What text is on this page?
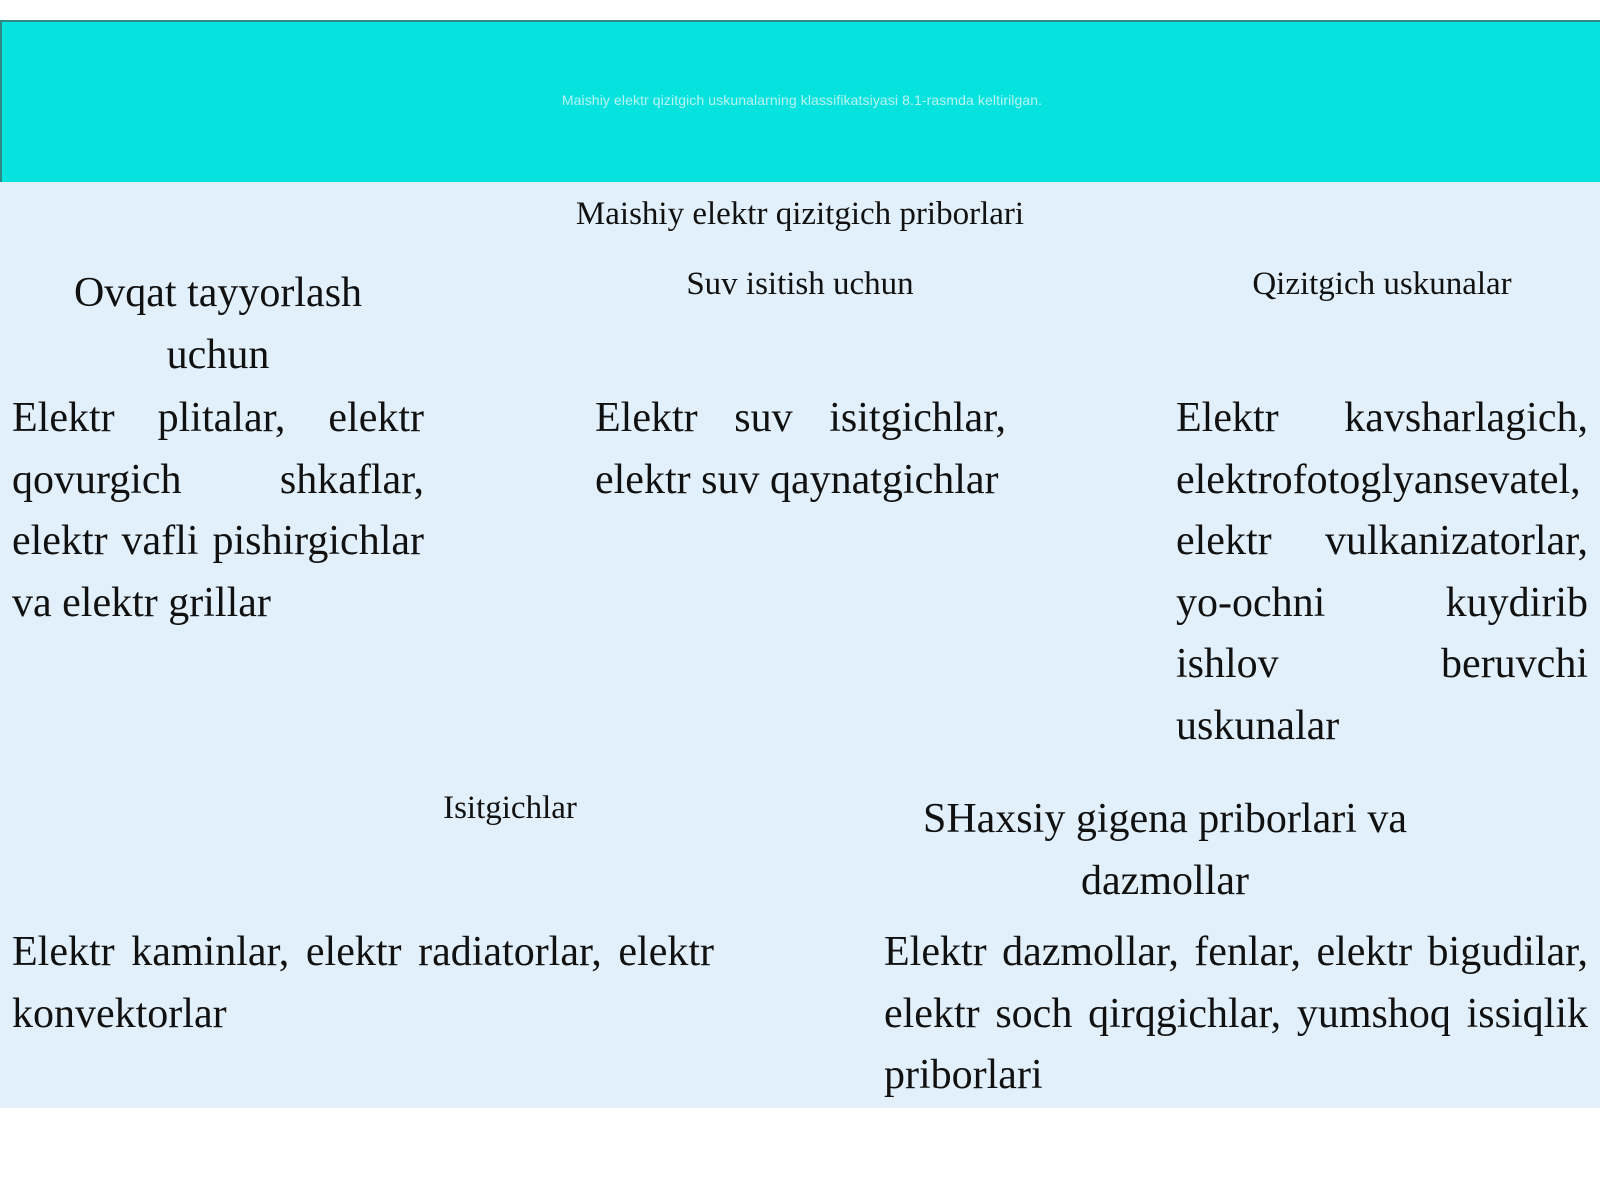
Maishiy elektr qizitgich uskunalarning klassifikatsiyasi 8.1-rasmda keltirilgan.
Maishiy elektr qizitgich priborlari
Ovqat tayyorlash uchun

Elektr plitalar, elektr qovurgich shkaflar, elektr vafli pishirgichlar va elektr grillar

Suv isitish uchun

Elektr suv isitgichlar, elektr suv qaynatgichlar

Qizitgich uskunalar

Elektr kavsharlagich, elektrofotoglyansevatel, elektr vulkanizatorlar, yo-ochni kuydirib ishlov beruvchi uskunalar

Isitgichlar

Elektr kaminlar, elektr radiatorlar, elektr konvektorlar

SHaxsiy gigena priborlari va dazmollar

Elektr dazmollar, fenlar, elektr bigudilar, elektr soch qirqgichlar, yumshoq issiqlik priborlari
